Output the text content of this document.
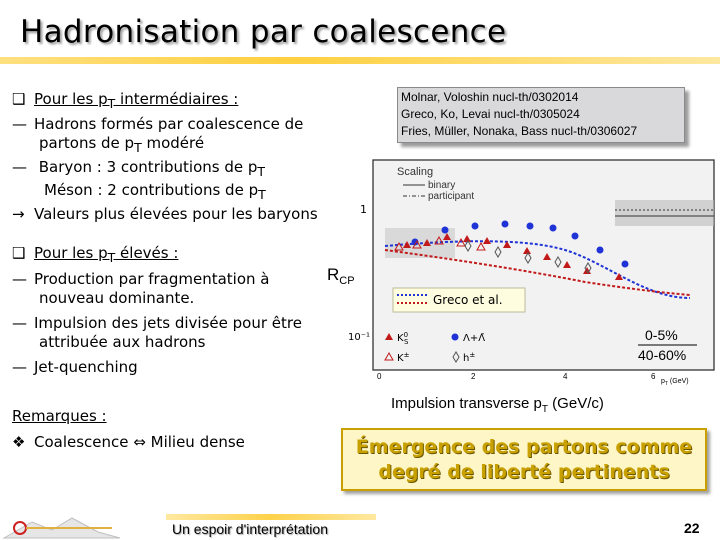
Hadronisation par coalescence
❑ Pour les $p_T$ intermédiaires :
— Hadrons formés par coalescence de
partons de $p_T$ modéré
— Baryon : 3 contributions de $p_T$
Méson : 2 contributions de $p_T$
→ Valeurs plus élevées pour les baryons
❑ Pour les $p_T$ élevés :
— Production par fragmentation à
nouveau dominante.
— Impulsion des jets divisée pour être
attribuée aux hadrons
— Jet-quenching
Remarques :
❖ Coalescence ⇔ Milieu dense
Molnar, Voloshin nucl-th/0302014
Greco, Ko, Levai nucl-th/0305024
Fries, Müller, Nonaka, Bass nucl-th/0306027
Scaling
binary
participant
Greco et al.
$K^0$ S	Λ+Λ̄
K±	h±
0-5%
40-60%
1
10⁻¹
$R_{CP}$
0	2	4	6
$p_T$ (GeV)
Impulsion transverse $p_T$ (GeV/c)
Émergence des partons comme
degré de liberté pertinents
Un espoir d'interprétation	22
